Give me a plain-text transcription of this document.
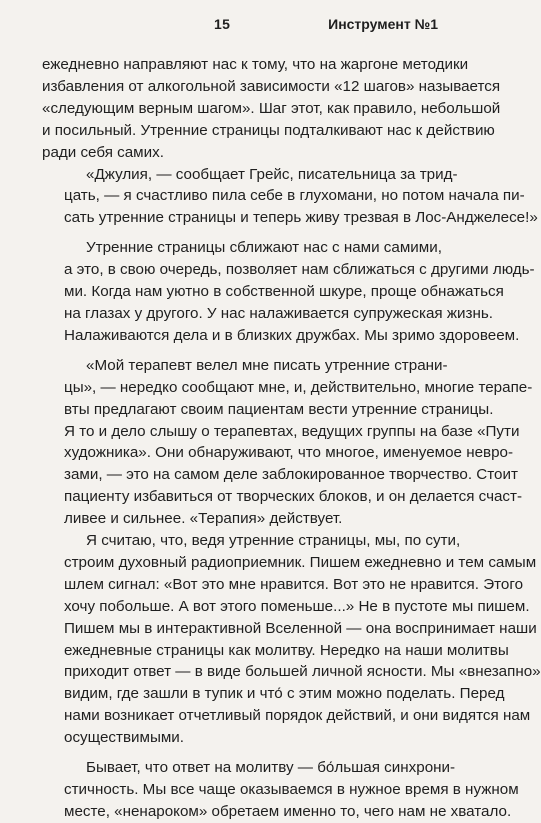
15	Инструмент №1
ежедневно направляют нас к тому, что на жаргоне методики
избавления от алкогольной зависимости «12 шагов» называется
«следующим верным шагом». Шаг этот, как правило, небольшой
и посильный. Утренние страницы подталкивают нас к действию
ради себя самих.
«Джулия, — сообщает Грейс, писательница за трид-
цать, — я счастливо пила себе в глухомани, но потом начала пи-
сать утренние страницы и теперь живу трезвая в Лос-Анджелесе!»
Утренние страницы сближают нас с нами самими,
а это, в свою очередь, позволяет нам сближаться с другими людь-
ми. Когда нам уютно в собственной шкуре, проще обнажаться
на глазах у другого. У нас налаживается супружеская жизнь.
Налаживаются дела и в близких дружбах. Мы зримо здоровеем.
«Мой терапевт велел мне писать утренние страни-
цы», — нередко сообщают мне, и, действительно, многие терапе-
вты предлагают своим пациентам вести утренние страницы.
Я то и дело слышу о терапевтах, ведущих группы на базе «Пути
художника». Они обнаруживают, что многое, именуемое невро-
зами, — это на самом деле заблокированное творчество. Стоит
пациенту избавиться от творческих блоков, и он делается счаст-
ливее и сильнее. «Терапия» действует.
Я считаю, что, ведя утренние страницы, мы, по сути,
строим духовный радиоприемник. Пишем ежедневно и тем самым
шлем сигнал: «Вот это мне нравится. Вот это не нравится. Этого
хочу побольше. А вот этого поменьше...» Не в пустоте мы пишем.
Пишем мы в интерактивной Вселенной — она воспринимает наши
ежедневные страницы как молитву. Нередко на наши молитвы
приходит ответ — в виде большей личной ясности. Мы «внезапно»
видим, где зашли в тупик и что́ с этим можно поделать. Перед
нами возникает отчетливый порядок действий, и они видятся нам
осуществимыми.
Бывает, что ответ на молитву — бо́льшая синхрони-
стичность. Мы все чаще оказываемся в нужное время в нужном
месте, «ненароком» обретаем именно то, чего нам не хватало.
